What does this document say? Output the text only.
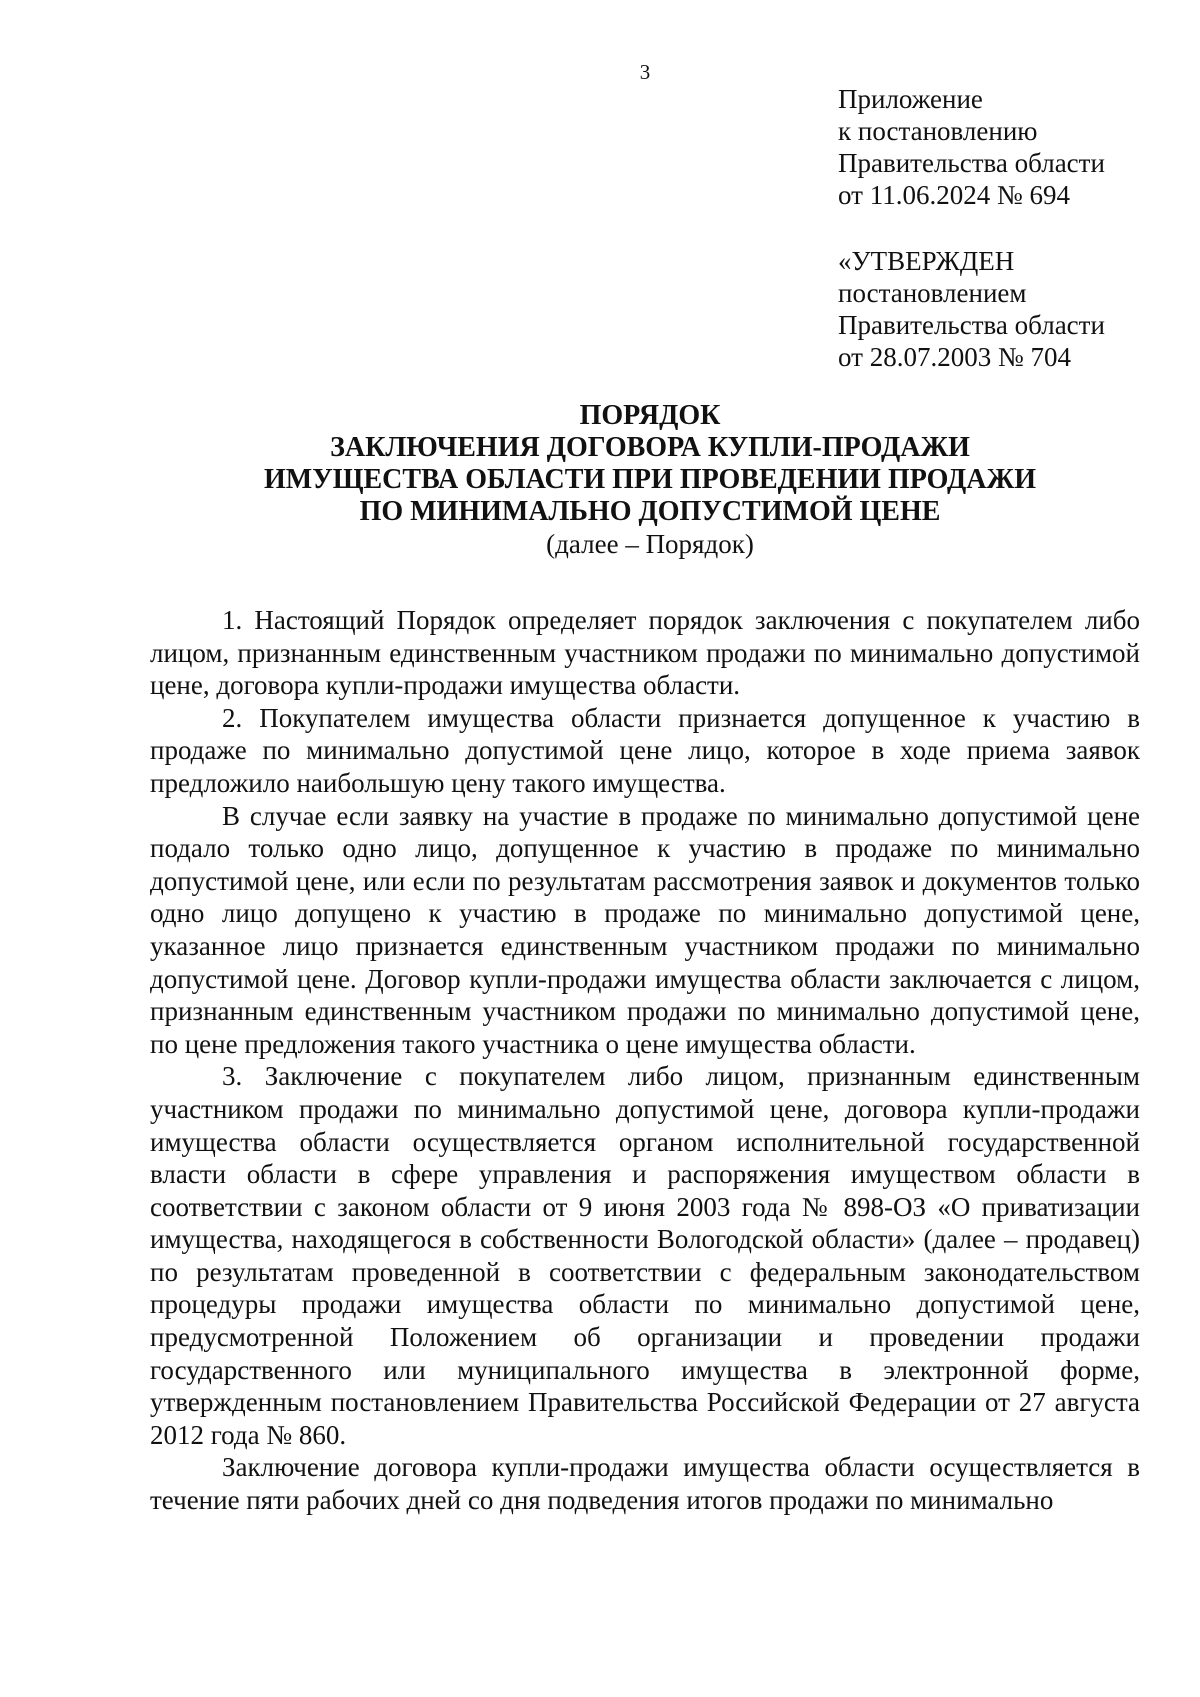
3
Приложение
к постановлению
Правительства области
от 11.06.2024 № 694
«УТВЕРЖДЕН
постановлением
Правительства области
от 28.07.2003 № 704
ПОРЯДОК
ЗАКЛЮЧЕНИЯ ДОГОВОРА КУПЛИ-ПРОДАЖИ
ИМУЩЕСТВА ОБЛАСТИ ПРИ ПРОВЕДЕНИИ ПРОДАЖИ
ПО МИНИМАЛЬНО ДОПУСТИМОЙ ЦЕНЕ
(далее – Порядок)

1. Настоящий Порядок определяет порядок заключения с покупателем либо лицом, признанным единственным участником продажи по минимально допустимой цене, договора купли-продажи имущества области.

2. Покупателем имущества области признается допущенное к участию в продаже по минимально допустимой цене лицо, которое в ходе приема заявок предложило наибольшую цену такого имущества.

В случае если заявку на участие в продаже по минимально допустимой цене подало только одно лицо, допущенное к участию в продаже по минимально допустимой цене, или если по результатам рассмотрения заявок и документов только одно лицо допущено к участию в продаже по минимально допустимой цене, указанное лицо признается единственным участником продажи по минимально допустимой цене. Договор купли-продажи имущества области заключается с лицом, признанным единственным участником продажи по минимально допустимой цене, по цене предложения такого участника о цене имущества области.

3. Заключение с покупателем либо лицом, признанным единственным участником продажи по минимально допустимой цене, договора купли-продажи имущества области осуществляется органом исполнительной государственной власти области в сфере управления и распоряжения имуществом области в соответствии с законом области от 9 июня 2003 года № 898-ОЗ «О приватизации имущества, находящегося в собственности Вологодской области» (далее – продавец) по результатам проведенной в соответствии с федеральным законодательством процедуры продажи имущества области по минимально допустимой цене, предусмотренной Положением об организации и проведении продажи государственного или муниципального имущества в электронной форме, утвержденным постановлением Правительства Российской Федерации от 27 августа 2012 года № 860.

Заключение договора купли-продажи имущества области осуществляется в течение пяти рабочих дней со дня подведения итогов продажи по минимально
